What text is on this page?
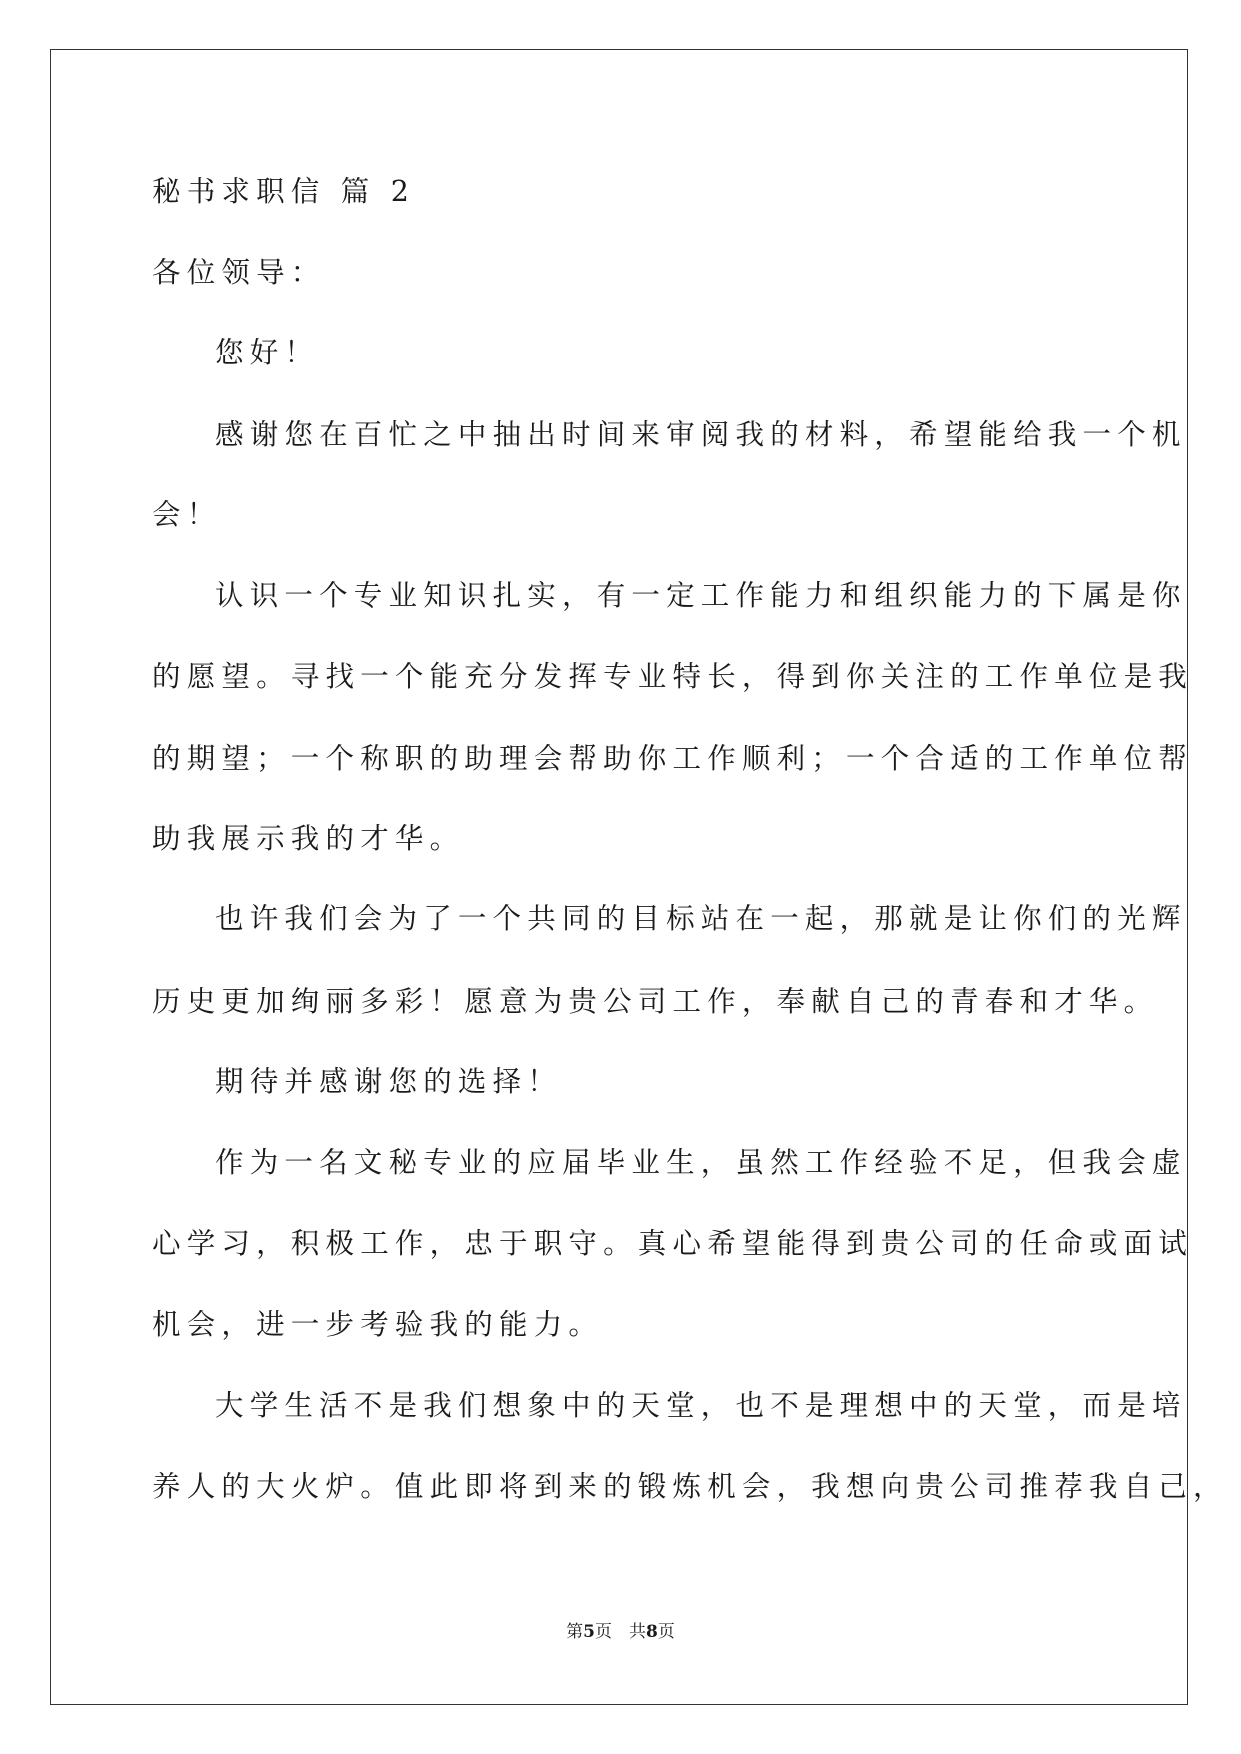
秘书求职信 篇 2
各位领导：
您好！
感谢您在百忙之中抽出时间来审阅我的材料，希望能给我一个机
会！
认识一个专业知识扎实，有一定工作能力和组织能力的下属是你
的愿望。寻找一个能充分发挥专业特长，得到你关注的工作单位是我
的期望；一个称职的助理会帮助你工作顺利；一个合适的工作单位帮
助我展示我的才华。
也许我们会为了一个共同的目标站在一起，那就是让你们的光辉
历史更加绚丽多彩！愿意为贵公司工作，奉献自己的青春和才华。
期待并感谢您的选择！
作为一名文秘专业的应届毕业生，虽然工作经验不足，但我会虚
心学习，积极工作，忠于职守。真心希望能得到贵公司的任命或面试
机会，进一步考验我的能力。
大学生活不是我们想象中的天堂，也不是理想中的天堂，而是培
养人的大火炉。值此即将到来的锻炼机会，我想向贵公司推荐我自己，
第5页　共8页
